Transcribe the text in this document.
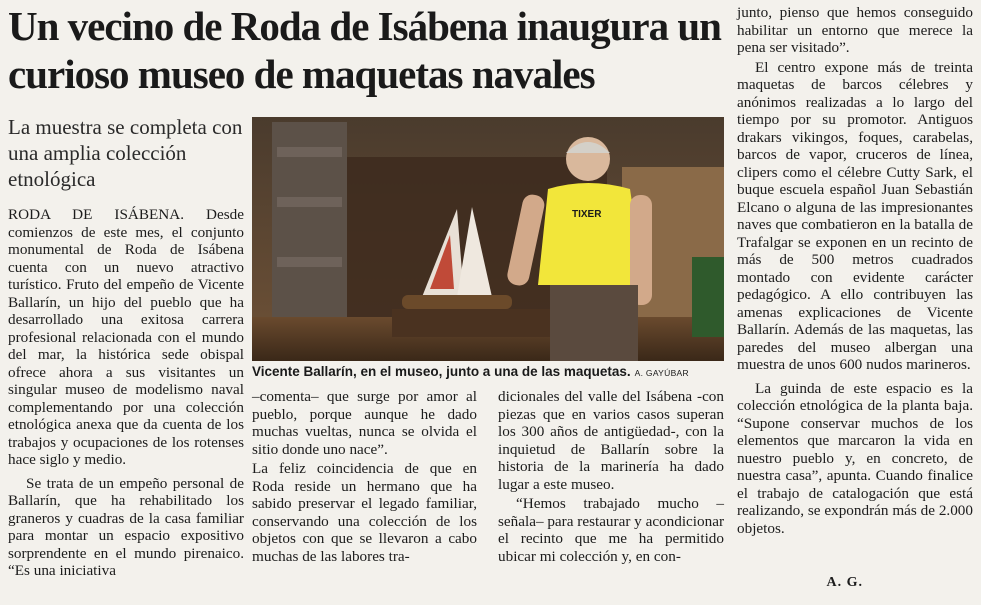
Un vecino de Roda de Isábena inaugura un curioso museo de maquetas navales
La muestra se completa con una amplia colección etnológica

RODA DE ISÁBENA. Desde comienzos de este mes, el conjunto monumental de Roda de Isábena cuenta con un nuevo atractivo turístico. Fruto del empeño de Vicente Ballarín, un hijo del pueblo que ha desarrollado una exitosa carrera profesional relacionada con el mundo del mar, la histórica sede obispal ofrece ahora a sus visitantes un singular museo de modelismo naval complementando por una colección etnológica anexa que da cuenta de los trabajos y ocupaciones de los rotenses hace siglo y medio.

Se trata de un empeño personal de Ballarín, que ha rehabilitado los graneros y cuadras de la casa familiar para montar un espacio expositivo sorprendente en el mundo pirenaico. “Es una iniciativa

TIXER
Vicente Ballarín, en el museo, junto a una de las maquetas. A. GAYÚBAR

–comenta– que surge por amor al pueblo, porque aunque he dado muchas vueltas, nunca se olvida el sitio donde uno nace”.

La feliz coincidencia de que en Roda reside un hermano que ha sabido preservar el legado familiar, conservando una colección de los objetos con que se llevaron a cabo muchas de las labores tra-

dicionales del valle del Isábena -con piezas que en varios casos superan los 300 años de antigüedad-, con la inquietud de Ballarín sobre la historia de la marinería ha dado lugar a este museo.

“Hemos trabajado mucho –señala– para restaurar y acondicionar el recinto que me ha permitido ubicar mi colección y, en con-

junto, pienso que hemos conseguido habilitar un entorno que merece la pena ser visitado”.

El centro expone más de treinta maquetas de barcos célebres y anónimos realizadas a lo largo del tiempo por su promotor. Antiguos drakars vikingos, foques, carabelas, barcos de vapor, cruceros de línea, clipers como el célebre Cutty Sark, el buque escuela español Juan Sebastián Elcano o alguna de las impresionantes naves que combatieron en la batalla de Trafalgar se exponen en un recinto de más de 500 metros cuadrados montado con evidente carácter pedagógico. A ello contribuyen las amenas explicaciones de Vicente Ballarín. Además de las maquetas, las paredes del museo albergan una muestra de unos 600 nudos marineros.

La guinda de este espacio es la colección etnológica de la planta baja. “Supone conservar muchos de los elementos que marcaron la vida en nuestro pueblo y, en concreto, de nuestra casa”, apunta. Cuando finalice el trabajo de catalogación que está realizando, se expondrán más de 2.000 objetos.

A. G.
